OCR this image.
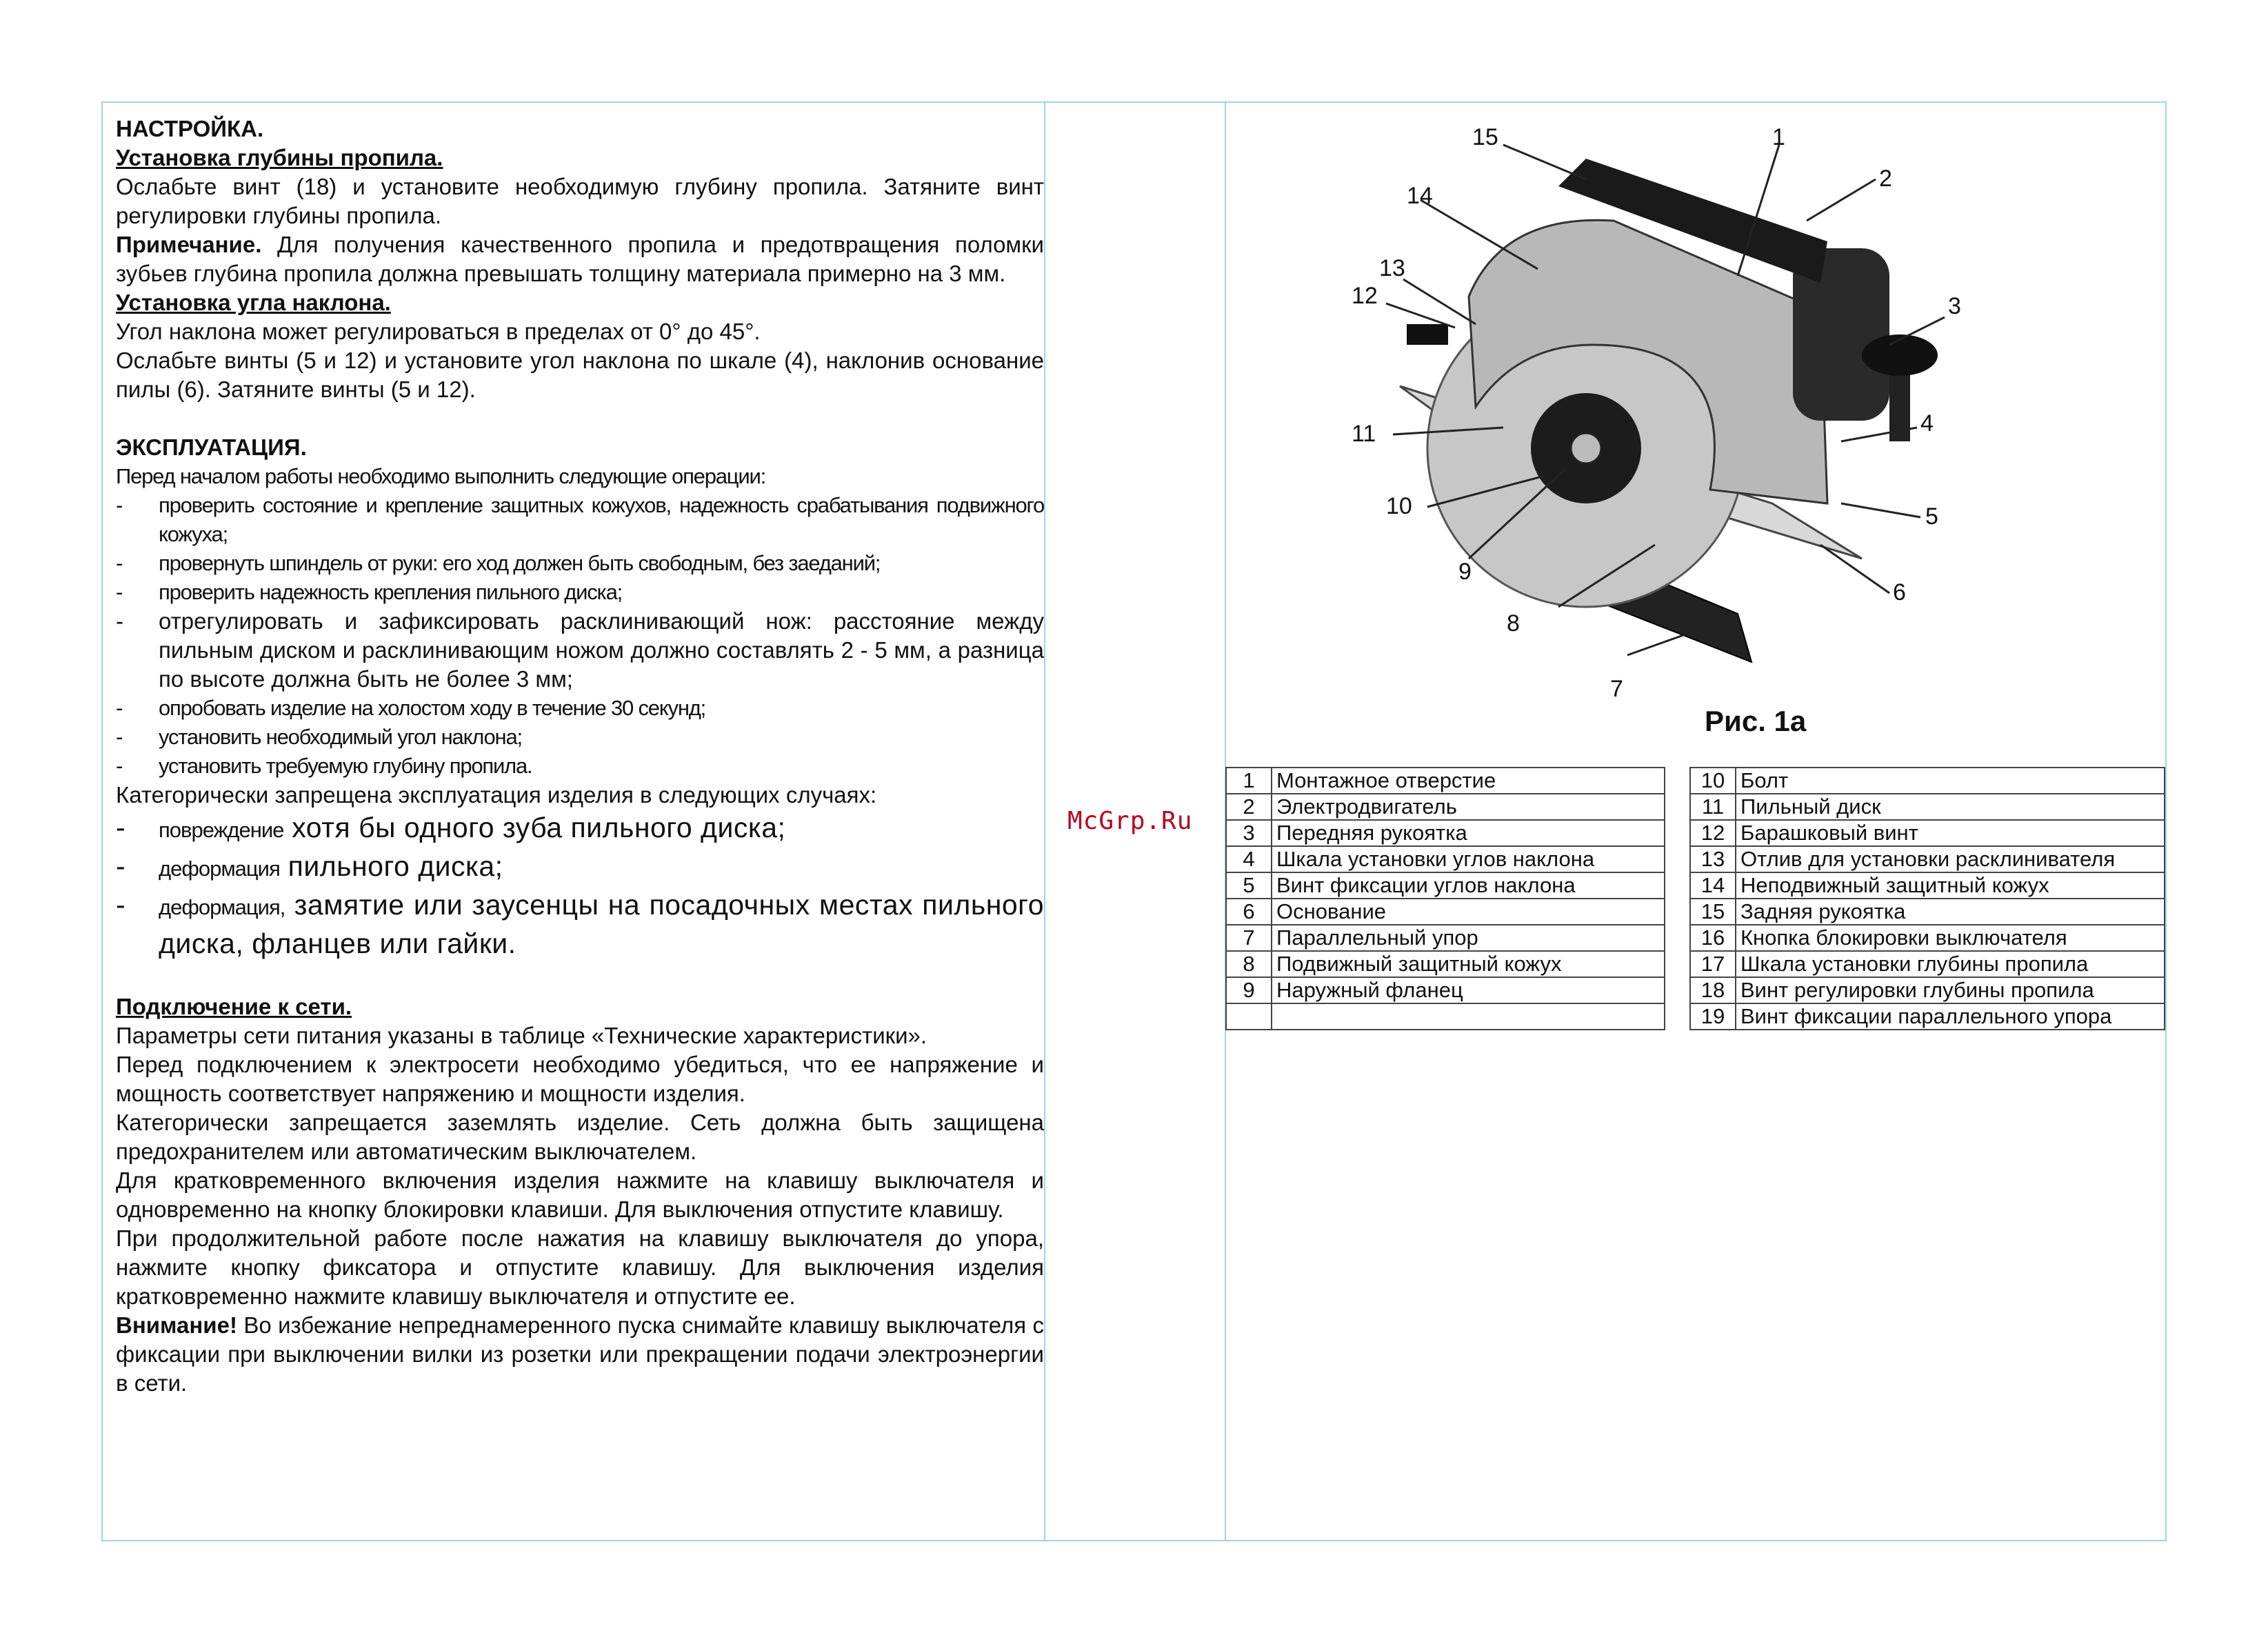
НАСТРОЙКА.

Установка глубины пропила.

Ослабьте винт (18) и установите необходимую глубину пропила. Затяните винт регулировки глубины пропила.

Примечание. Для получения качественного пропила и предотвращения поломки зубьев глубина пропила должна превышать толщину материала примерно на 3 мм.

Установка угла наклона.

Угол наклона может регулироваться в пределах от 0° до 45°.

Ослабьте винты (5 и 12) и установите угол наклона по шкале (4), наклонив основание пилы (6). Затяните винты (5 и 12).

ЭКСПЛУАТАЦИЯ.

Перед началом работы необходимо выполнить следующие операции:

-	проверить состояние и крепление защитных кожухов, надежность срабатывания подвижного кожуха;
-	провернуть шпиндель от руки: его ход должен быть свободным, без заеданий;
-	проверить надежность крепления пильного диска;
-	отрегулировать и зафиксировать расклинивающий нож: расстояние между пильным диском и расклинивающим ножом должно составлять 2 - 5 мм, а разница по высоте должна быть не более 3 мм;
-	опробовать изделие на холостом ходу в течение 30 секунд;
-	установить необходимый угол наклона;
-	установить требуемую глубину пропила.

Категорически запрещена эксплуатация изделия в следующих случаях:

-	повреждение хотя бы одного зуба пильного диска;
-	деформация пильного диска;
-	деформация, замятие или заусенцы на посадочных местах пильного диска, фланцев или гайки.

Подключение к сети.

Параметры сети питания указаны в таблице «Технические характеристики».

Перед подключением к электросети необходимо убедиться, что ее напряжение и мощность соответствует напряжению и мощности изделия.

Категорически запрещается заземлять изделие. Сеть должна быть защищена предохранителем или автоматическим выключателем.

Для кратковременного включения изделия нажмите на клавишу выключателя и одновременно на кнопку блокировки клавиши. Для выключения отпустите клавишу.

При продолжительной работе после нажатия на клавишу выключателя до упора, нажмите кнопку фиксатора и отпустите клавишу. Для выключения изделия кратковременно нажмите клавишу выключателя и отпустите ее.

Внимание! Во избежание непреднамеренного пуска снимайте клавишу выключателя с фиксации при выключении вилки из розетки или прекращении подачи электроэнергии в сети.

McGrp.Ru
1
2
3
4
5
6
7
8
9
10
11
12
13
14
15
Рис. 1а
1	Монтажное отверстие
2	Электродвигатель
3	Передняя рукоятка
4	Шкала установки углов наклона
5	Винт фиксации углов наклона
6	Основание
7	Параллельный упор
8	Подвижный защитный кожух
9	Наружный фланец

10	Болт
11	Пильный диск
12	Барашковый винт
13	Отлив для установки расклинивателя
14	Неподвижный защитный кожух
15	Задняя рукоятка
16	Кнопка блокировки выключателя
17	Шкала установки глубины пропила
18	Винт регулировки глубины пропила
19	Винт фиксации параллельного упора
